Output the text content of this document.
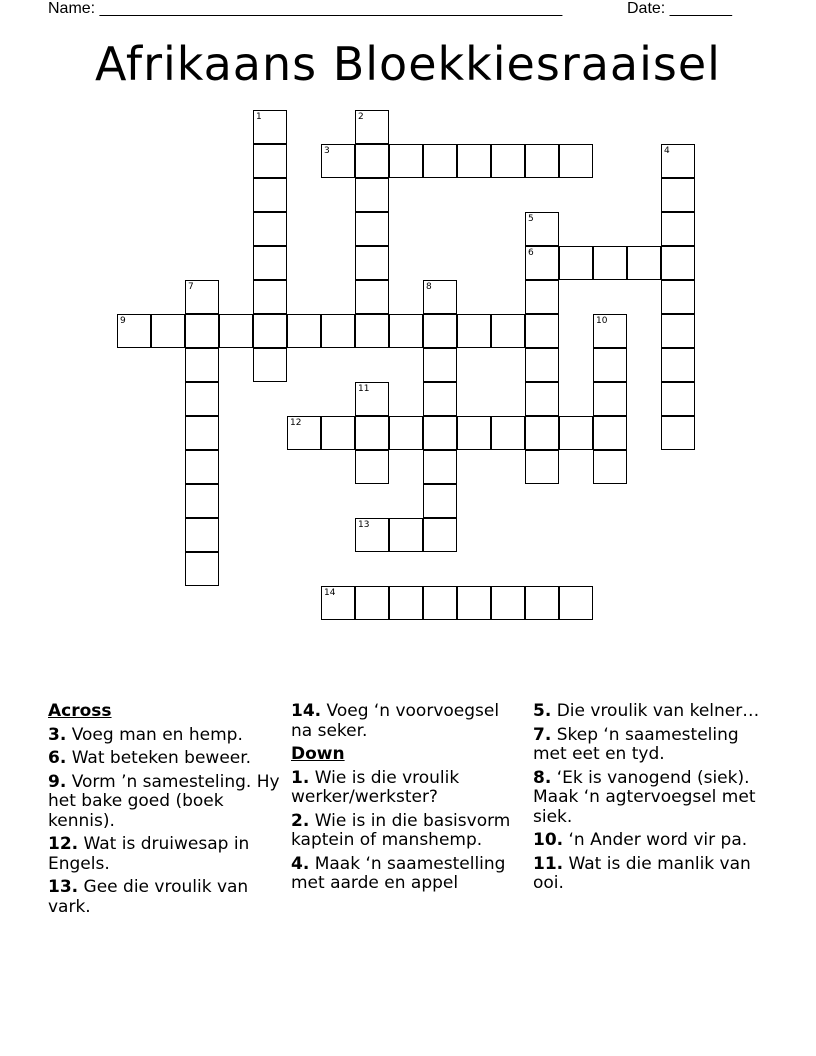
Name: ____________________________________________________	Date: _______
Afrikaans Bloekkiesraaisel
1	2
3	4
5
6
7	8
9	10
11
12
13
14
Across
3. Voeg man en hemp.
6. Wat beteken beweer.
9. Vorm ’n samesteling. Hy het bake goed (boek kennis).
12. Wat is druiwesap in Engels.
13. Gee die vroulik van vark.
14. Voeg ‘n voorvoegsel na seker.
Down
1. Wie is die vroulik werker/werkster?
2. Wie is in die basisvorm kaptein of manshemp.
4. Maak ‘n saamestelling met aarde en appel
5. Die vroulik van kelner…
7. Skep ‘n saamesteling met eet en tyd.
8. ‘Ek is vanogend (siek). Maak ‘n agtervoegsel met siek.
10. ‘n Ander word vir pa.
11. Wat is die manlik van ooi.
